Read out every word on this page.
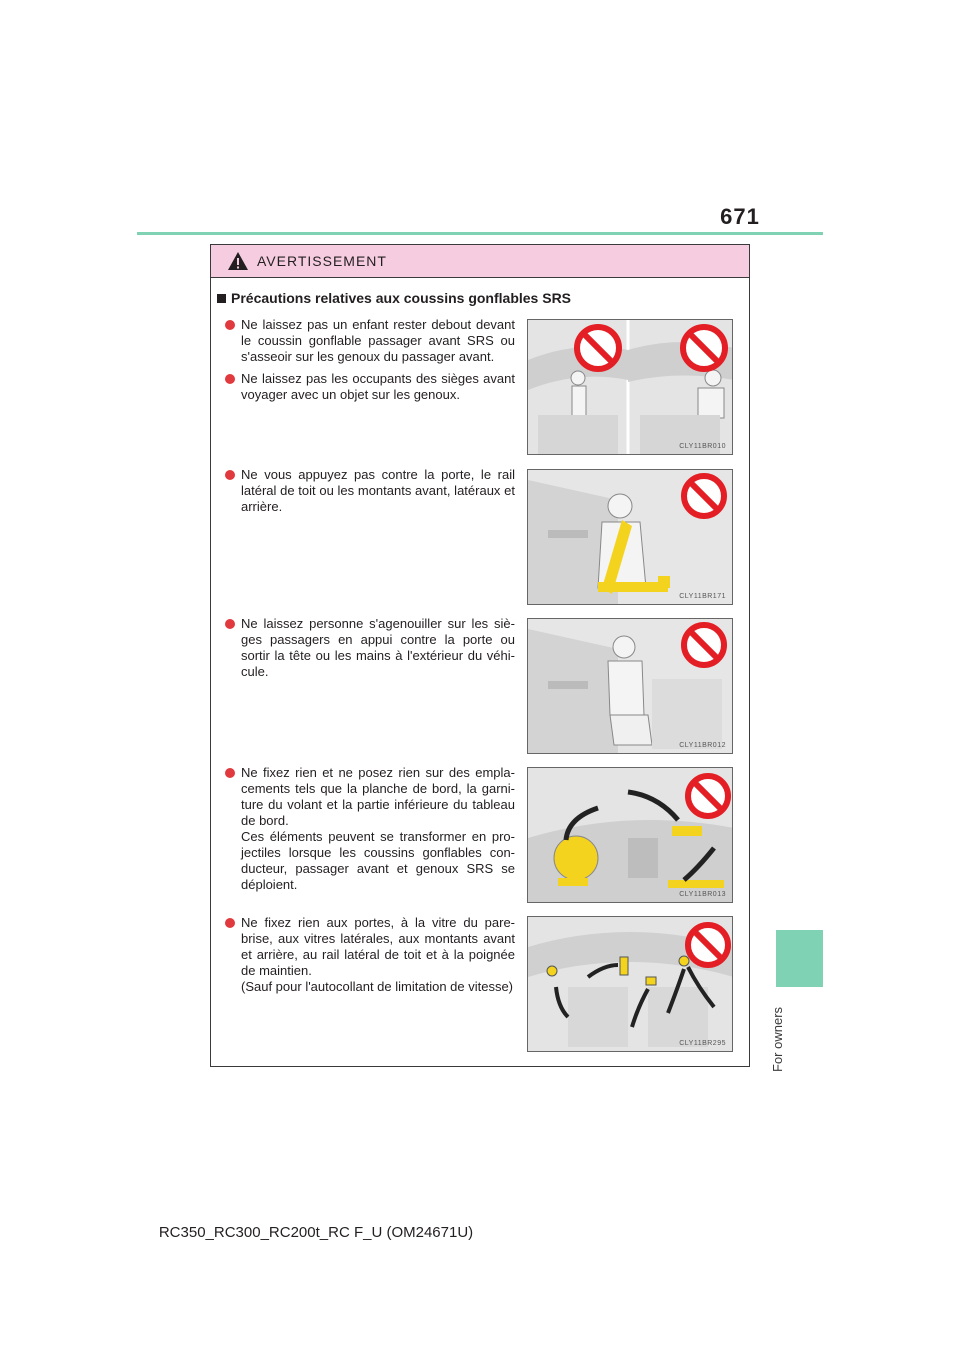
671
For owners
AVERTISSEMENT
Précautions relatives aux coussins gonflables SRS
Ne laissez pas un enfant rester debout devant le coussin gonflable passager avant SRS ou s'asseoir sur les genoux du passager avant.
Ne laissez pas les occupants des sièges avant voyager avec un objet sur les genoux.
CLY11BR010
Ne vous appuyez pas contre la porte, le rail latéral de toit ou les montants avant, latéraux et arrière.
CLY11BR171
Ne laissez personne s'agenouiller sur les siè-ges passagers en appui contre la porte ou sortir la tête ou les mains à l'extérieur du véhi-cule.
CLY11BR012
Ne fixez rien et ne posez rien sur des empla-cements tels que la planche de bord, la garni-ture du volant et la partie inférieure du tableau de bord.
Ces éléments peuvent se transformer en pro-jectiles lorsque les coussins gonflables con-ducteur, passager avant et genoux SRS se déploient.
CLY11BR013
Ne fixez rien aux portes, à la vitre du pare-brise, aux vitres latérales, aux montants avant et arrière, au rail latéral de toit et à la poignée de maintien.
(Sauf pour l'autocollant de limitation de vitesse)
CLY11BR295
RC350_RC300_RC200t_RC F_U (OM24671U)
